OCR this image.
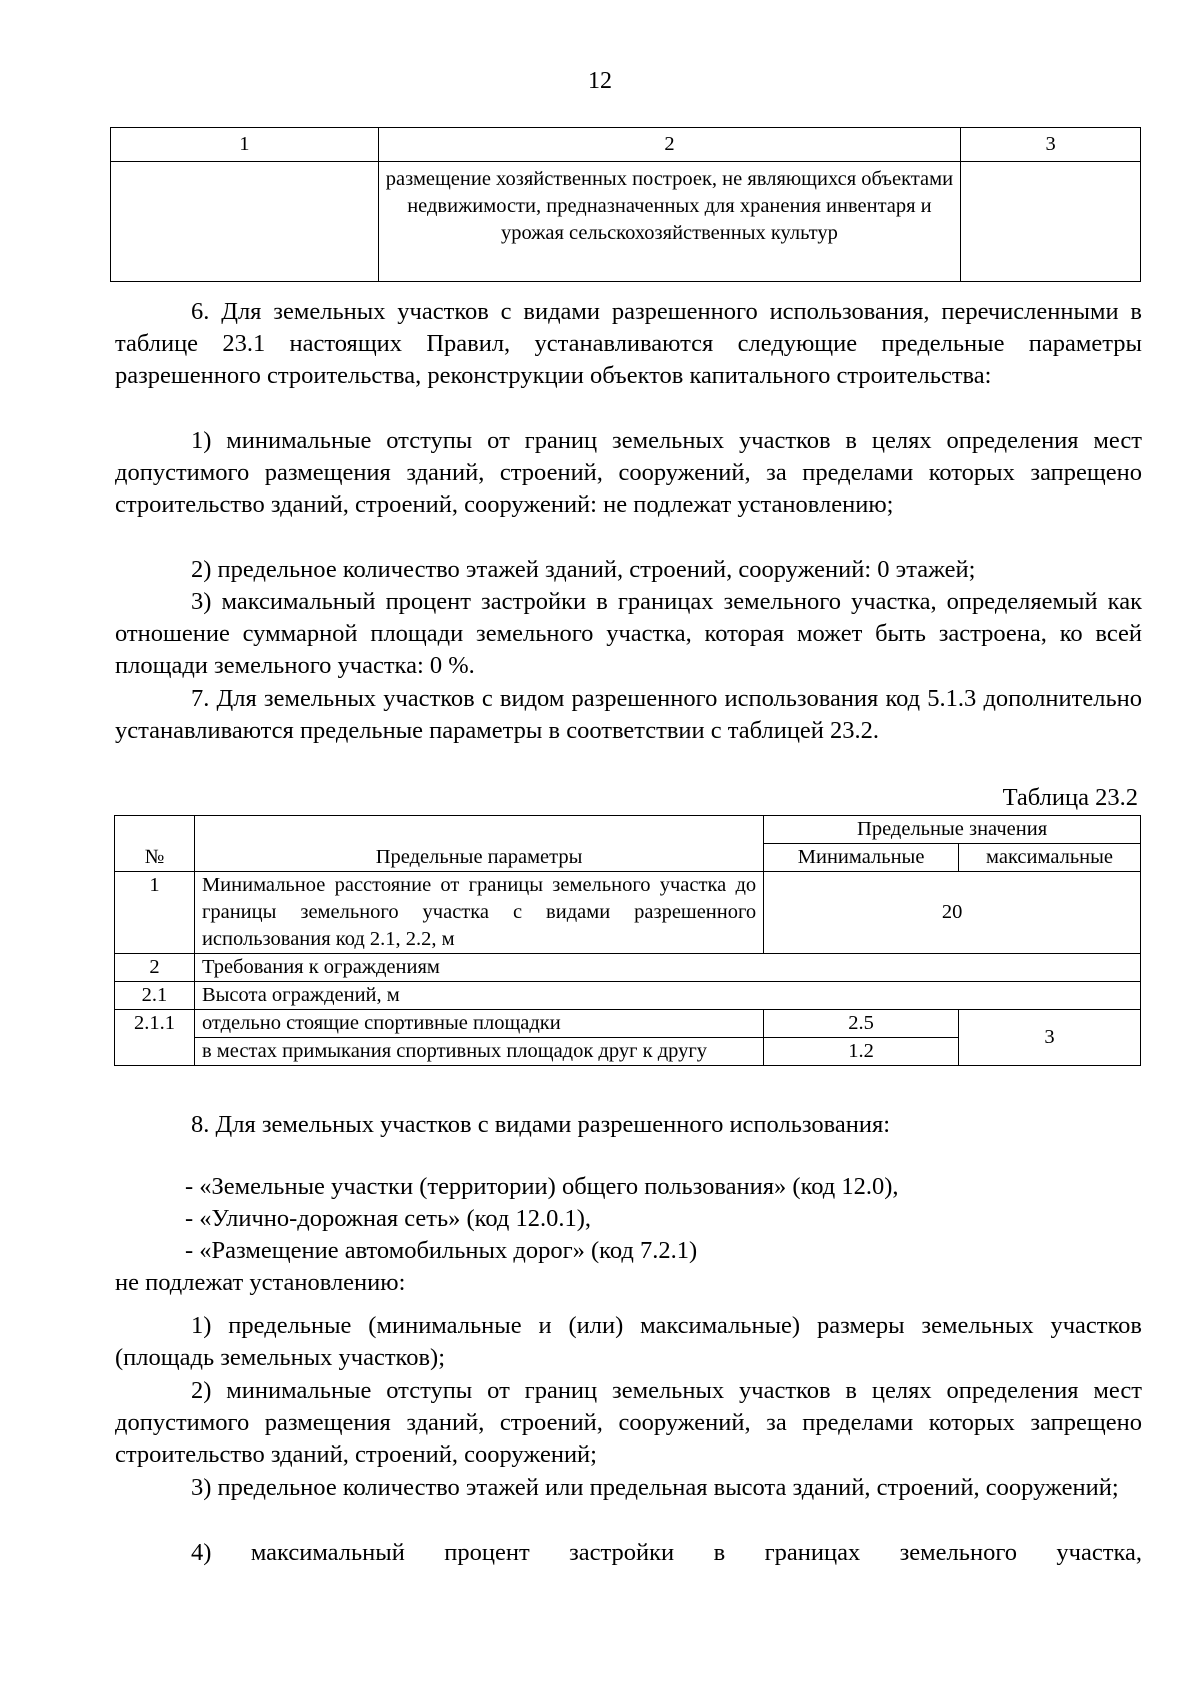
12
1	2	3
	размещение хозяйственных построек, не являющихся объектами недвижимости, предназначенных для хранения инвентаря и урожая сельскохозяйственных культур	
6. Для земельных участков с видами разрешенного использования, перечисленными в таблице 23.1 настоящих Правил, устанавливаются следующие предельные параметры разрешенного строительства, реконструкции объектов капитального строительства:
1) минимальные отступы от границ земельных участков в целях определения мест допустимого размещения зданий, строений, сооружений, за пределами которых запрещено строительство зданий, строений, сооружений: не подлежат установлению;
2) предельное количество этажей зданий, строений, сооружений: 0 этажей;
3) максимальный процент застройки в границах земельного участка, определяемый как отношение суммарной площади земельного участка, которая может быть застроена, ко всей площади земельного участка: 0 %.
7. Для земельных участков с видом разрешенного использования код 5.1.3 дополнительно устанавливаются предельные параметры в соответствии с таблицей 23.2.
Таблица 23.2
№	Предельные параметры	Предельные значения	
		Минимальные	максимальные
1	Минимальное расстояние от границы земельного участка до границы земельного участка с видами разрешенного использования код 2.1, 2.2, м	20	
2	Требования к ограждениям		
2.1	Высота ограждений, м		
2.1.1	отдельно стоящие спортивные площадки	2.5	3
	в местах примыкания спортивных площадок друг к другу	1.2	
8. Для земельных участков с видами разрешенного использования:
- «Земельные участки (территории) общего пользования» (код 12.0),
- «Улично-дорожная сеть» (код 12.0.1),
- «Размещение автомобильных дорог» (код 7.2.1)
не подлежат установлению:
1) предельные (минимальные и (или) максимальные) размеры земельных участков (площадь земельных участков);
2) минимальные отступы от границ земельных участков в целях определения мест допустимого размещения зданий, строений, сооружений, за пределами которых запрещено строительство зданий, строений, сооружений;
3) предельное количество этажей или предельная высота зданий, строений, сооружений;
4) максимальный процент застройки в границах земельного участка,
